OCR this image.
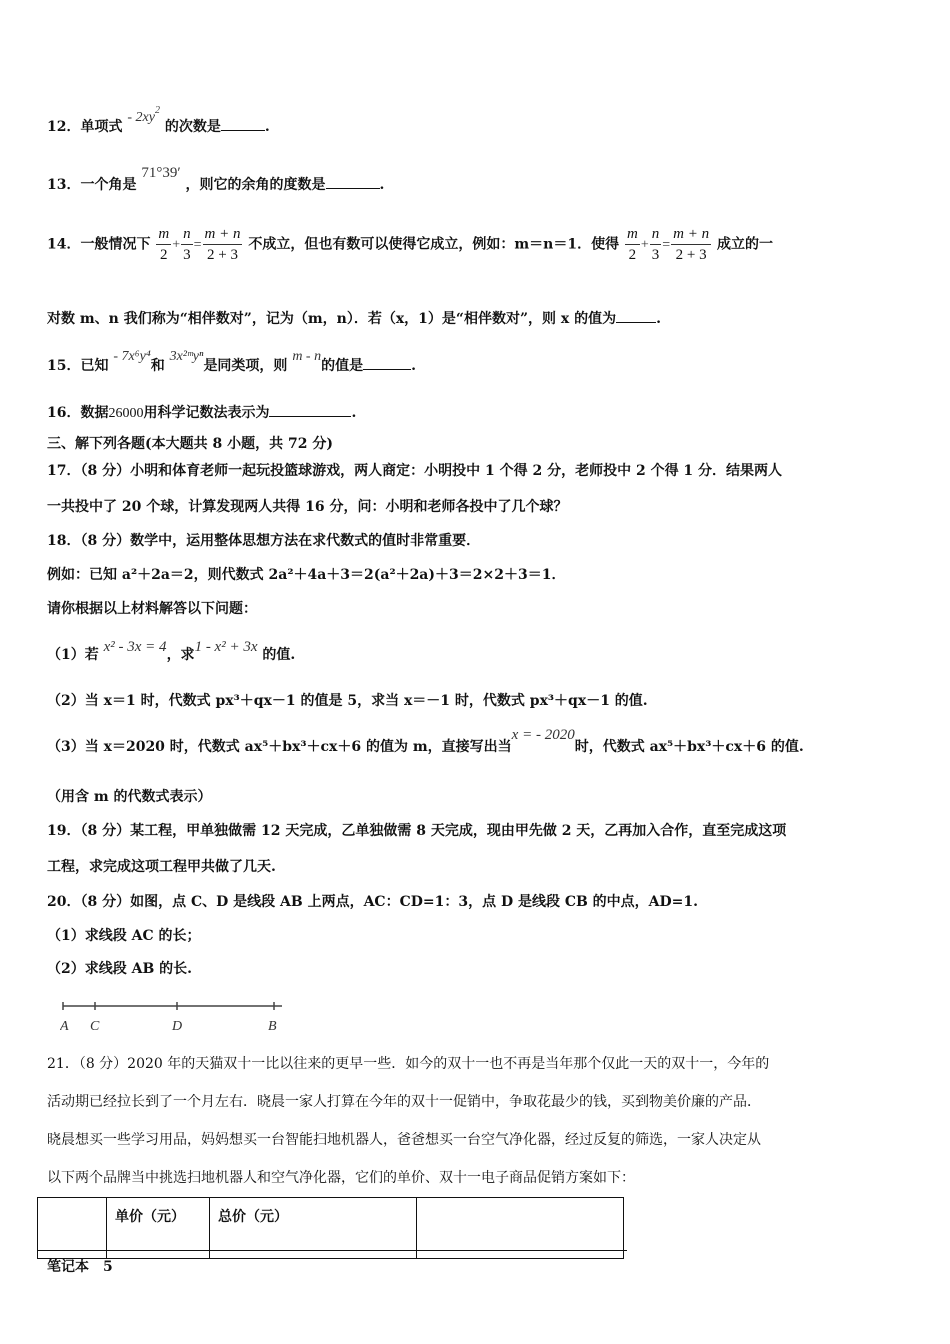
12．单项式 - $2xy^2$ 的次数是	.
13．一个角是 71°39′ ，则它的余角的度数是	.
14．一般情况下 $\frac{m}{2} + \frac{n}{3} = \frac{m + n}{2 + 3}$ 不成立，但也有数可以使得它成立，例如：m＝n＝1．使得 $\frac{m}{2} + \frac{n}{3} = \frac{m + n}{2 + 3}$ 成立的一
对数 m、n 我们称为“相伴数对”，记为（m，n）．若（x，1）是“相伴数对”，则 x 的值为	.
15．已知 - 7x⁶y⁴和 3x²ᵐyⁿ是同类项，则 m - n的值是	.
16．数据26000用科学记数法表示为	.
三、解下列各题(本大题共 8 小题，共 72 分)
17．（8 分）小明和体育老师一起玩投篮球游戏，两人商定：小明投中 1 个得 2 分，老师投中 2 个得 1 分．结果两人
一共投中了 20 个球，计算发现两人共得 16 分，问：小明和老师各投中了几个球？
18．（8 分）数学中，运用整体思想方法在求代数式的值时非常重要．
例如：已知 a²＋2a＝2，则代数式 2a²＋4a＋3＝2(a²＋2a)＋3＝2×2＋3＝1．
请你根据以上材料解答以下问题：
（1）若 x² - 3x = 4，求1 - x² + 3x 的值.
（2）当 x＝1 时，代数式 px³＋qx－1 的值是 5，求当 x＝－1 时，代数式 px³＋qx－1 的值.
（3）当 x＝2020 时，代数式 ax⁵＋bx³＋cx＋6 的值为 m，直接写出当x = - 2020时，代数式 ax⁵＋bx³＋cx＋6 的值.
（用含 m 的代数式表示）
19．（8 分）某工程，甲单独做需 12 天完成，乙单独做需 8 天完成，现由甲先做 2 天，乙再加入合作，直至完成这项
工程，求完成这项工程甲共做了几天.
20．（8 分）如图，点 C、D 是线段 AB 上两点，AC：CD=1：3，点 D 是线段 CB 的中点，AD=1.
（1）求线段 AC 的长；
（2）求线段 AB 的长.
A C	D	B
21．（8 分）2020 年的天猫双十一比以往来的更早一些．如今的双十一也不再是当年那个仅此一天的双十一，今年的
活动期已经拉长到了一个月左右．晓晨一家人打算在今年的双十一促销中，争取花最少的钱，买到物美价廉的产品．
晓晨想买一些学习用品，妈妈想买一台智能扫地机器人，爸爸想买一台空气净化器，经过反复的筛选，一家人决定从
以下两个品牌当中挑选扫地机器人和空气净化器，它们的单价、双十一电子商品促销方案如下：
	单价（元）	总价（元）	
笔记本　5
